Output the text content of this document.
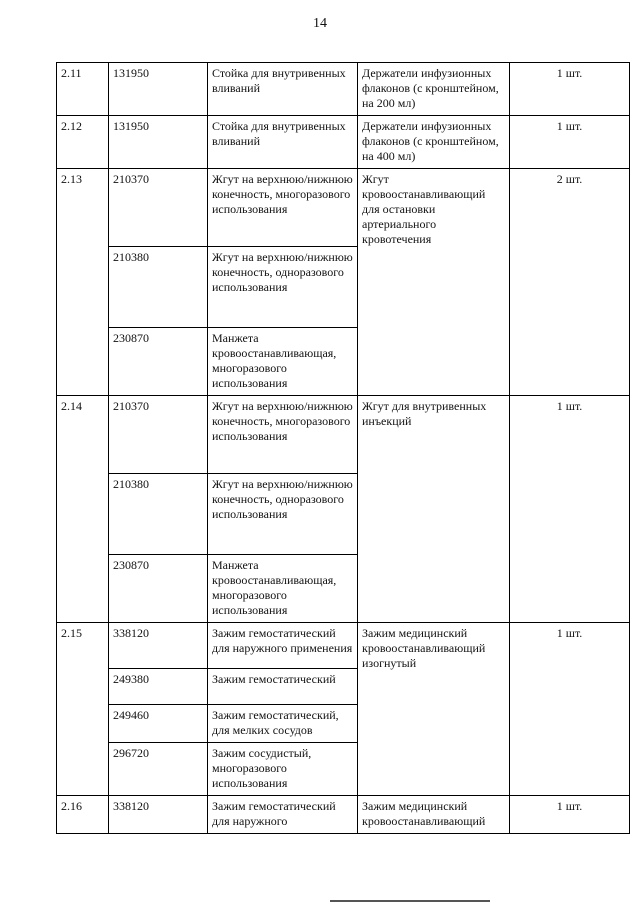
14
2.11	131950	Стойка для внутривенных вливаний	Держатели инфузионных флаконов (с кронштейном, на 200 мл)	1 шт.
2.12	131950	Стойка для внутривенных вливаний	Держатели инфузионных флаконов (с кронштейном, на 400 мл)	1 шт.
2.13	210370	Жгут на верхнюю/нижнюю конечность, многоразового использования	Жгут кровоостанавливающий для остановки артериального кровотечения	2 шт.
	210380	Жгут на верхнюю/нижнюю конечность, одноразового использования		
	230870	Манжета кровоостанавливающая, многоразового использования		
2.14	210370	Жгут на верхнюю/нижнюю конечность, многоразового использования	Жгут для внутривенных инъекций	1 шт.
	210380	Жгут на верхнюю/нижнюю конечность, одноразового использования		
	230870	Манжета кровоостанавливающая, многоразового использования		
2.15	338120	Зажим гемостатический для наружного применения	Зажим медицинский кровоостанавливающий изогнутый	1 шт.
	249380	Зажим гемостатический		
	249460	Зажим гемостатический, для мелких сосудов		
	296720	Зажим сосудистый, многоразового использования		
2.16	338120	Зажим гемостатический для наружного	Зажим медицинский кровоостанавливающий	1 шт.
